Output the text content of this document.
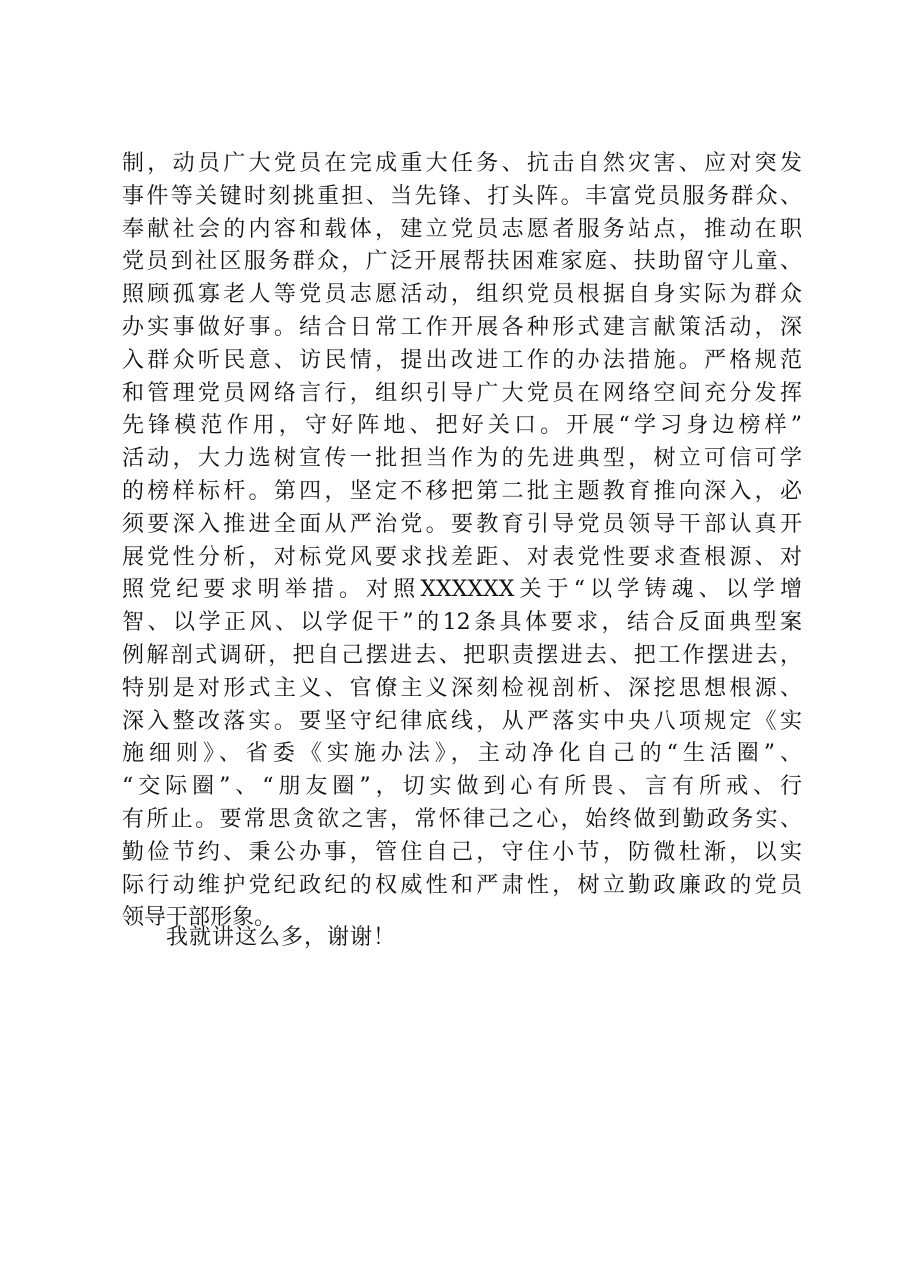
制，动员广大党员在完成重大任务、抗击自然灾害、应对突发
事件等关键时刻挑重担、当先锋、打头阵。丰富党员服务群众、
奉献社会的内容和载体，建立党员志愿者服务站点，推动在职
党员到社区服务群众，广泛开展帮扶困难家庭、扶助留守儿童、
照顾孤寡老人等党员志愿活动，组织党员根据自身实际为群众
办实事做好事。结合日常工作开展各种形式建言献策活动，深
入群众听民意、访民情，提出改进工作的办法措施。严格规范
和管理党员网络言行，组织引导广大党员在网络空间充分发挥
先锋模范作用，守好阵地、把好关口。开展“学习身边榜样”
活动，大力选树宣传一批担当作为的先进典型，树立可信可学
的榜样标杆。第四，坚定不移把第二批主题教育推向深入，必
须要深入推进全面从严治党。要教育引导党员领导干部认真开
展党性分析，对标党风要求找差距、对表党性要求查根源、对
照党纪要求明举措。对照XXXXXX关于“以学铸魂、以学增
智、以学正风、以学促干”的12条具体要求，结合反面典型案
例解剖式调研，把自己摆进去、把职责摆进去、把工作摆进去，
特别是对形式主义、官僚主义深刻检视剖析、深挖思想根源、
深入整改落实。要坚守纪律底线，从严落实中央八项规定《实
施细则》、省委《实施办法》，主动净化自己的“生活圈”、
“交际圈”、“朋友圈”，切实做到心有所畏、言有所戒、行
有所止。要常思贪欲之害，常怀律己之心，始终做到勤政务实、
勤俭节约、秉公办事，管住自己，守住小节，防微杜渐，以实
际行动维护党纪政纪的权威性和严肃性，树立勤政廉政的党员
领导干部形象。
我就讲这么多，谢谢！
